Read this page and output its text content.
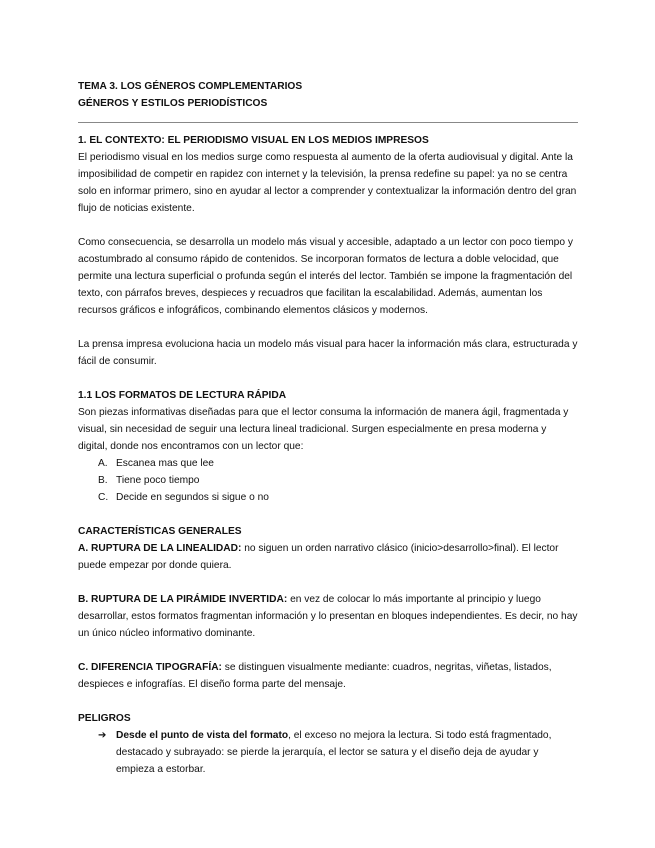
TEMA 3. LOS GÉNEROS COMPLEMENTARIOS
GÉNEROS Y ESTILOS PERIODÍSTICOS
1. EL CONTEXTO: EL PERIODISMO VISUAL EN LOS MEDIOS IMPRESOS

El periodismo visual en los medios surge como respuesta al aumento de la oferta audiovisual y digital. Ante la imposibilidad de competir en rapidez con internet y la televisión, la prensa redefine su papel: ya no se centra solo en informar primero, sino en ayudar al lector a comprender y contextualizar la información dentro del gran flujo de noticias existente.

Como consecuencia, se desarrolla un modelo más visual y accesible, adaptado a un lector con poco tiempo y acostumbrado al consumo rápido de contenidos. Se incorporan formatos de lectura a doble velocidad, que permite una lectura superficial o profunda según el interés del lector. También se impone la fragmentación del texto, con párrafos breves, despieces y recuadros que facilitan la escalabilidad. Además, aumentan los recursos gráficos e infográficos, combinando elementos clásicos y modernos.

La prensa impresa evoluciona hacia un modelo más visual para hacer la información más clara, estructurada y fácil de consumir.

1.1 LOS FORMATOS DE LECTURA RÁPIDA

Son piezas informativas diseñadas para que el lector consuma la información de manera ágil, fragmentada y visual, sin necesidad de seguir una lectura lineal tradicional. Surgen especialmente en presa moderna y digital, donde nos encontramos con un lector que:

A. Escanea mas que lee
B. Tiene poco tiempo
C. Decide en segundos si sigue o no
CARACTERÍSTICAS GENERALES

A. RUPTURA DE LA LINEALIDAD: no siguen un orden narrativo clásico (inicio>desarrollo>final). El lector puede empezar por donde quiera.

B. RUPTURA DE LA PIRÁMIDE INVERTIDA: en vez de colocar lo más importante al principio y luego desarrollar, estos formatos fragmentan información y lo presentan en bloques independientes. Es decir, no hay un único núcleo informativo dominante.

C. DIFERENCIA TIPOGRAFÍA: se distinguen visualmente mediante: cuadros, negritas, viñetas, listados, despieces e infografías. El diseño forma parte del mensaje.

PELIGROS
➔ Desde el punto de vista del formato, el exceso no mejora la lectura. Si todo está fragmentado, destacado y subrayado: se pierde la jerarquía, el lector se satura y el diseño deja de ayudar y empieza a estorbar.
